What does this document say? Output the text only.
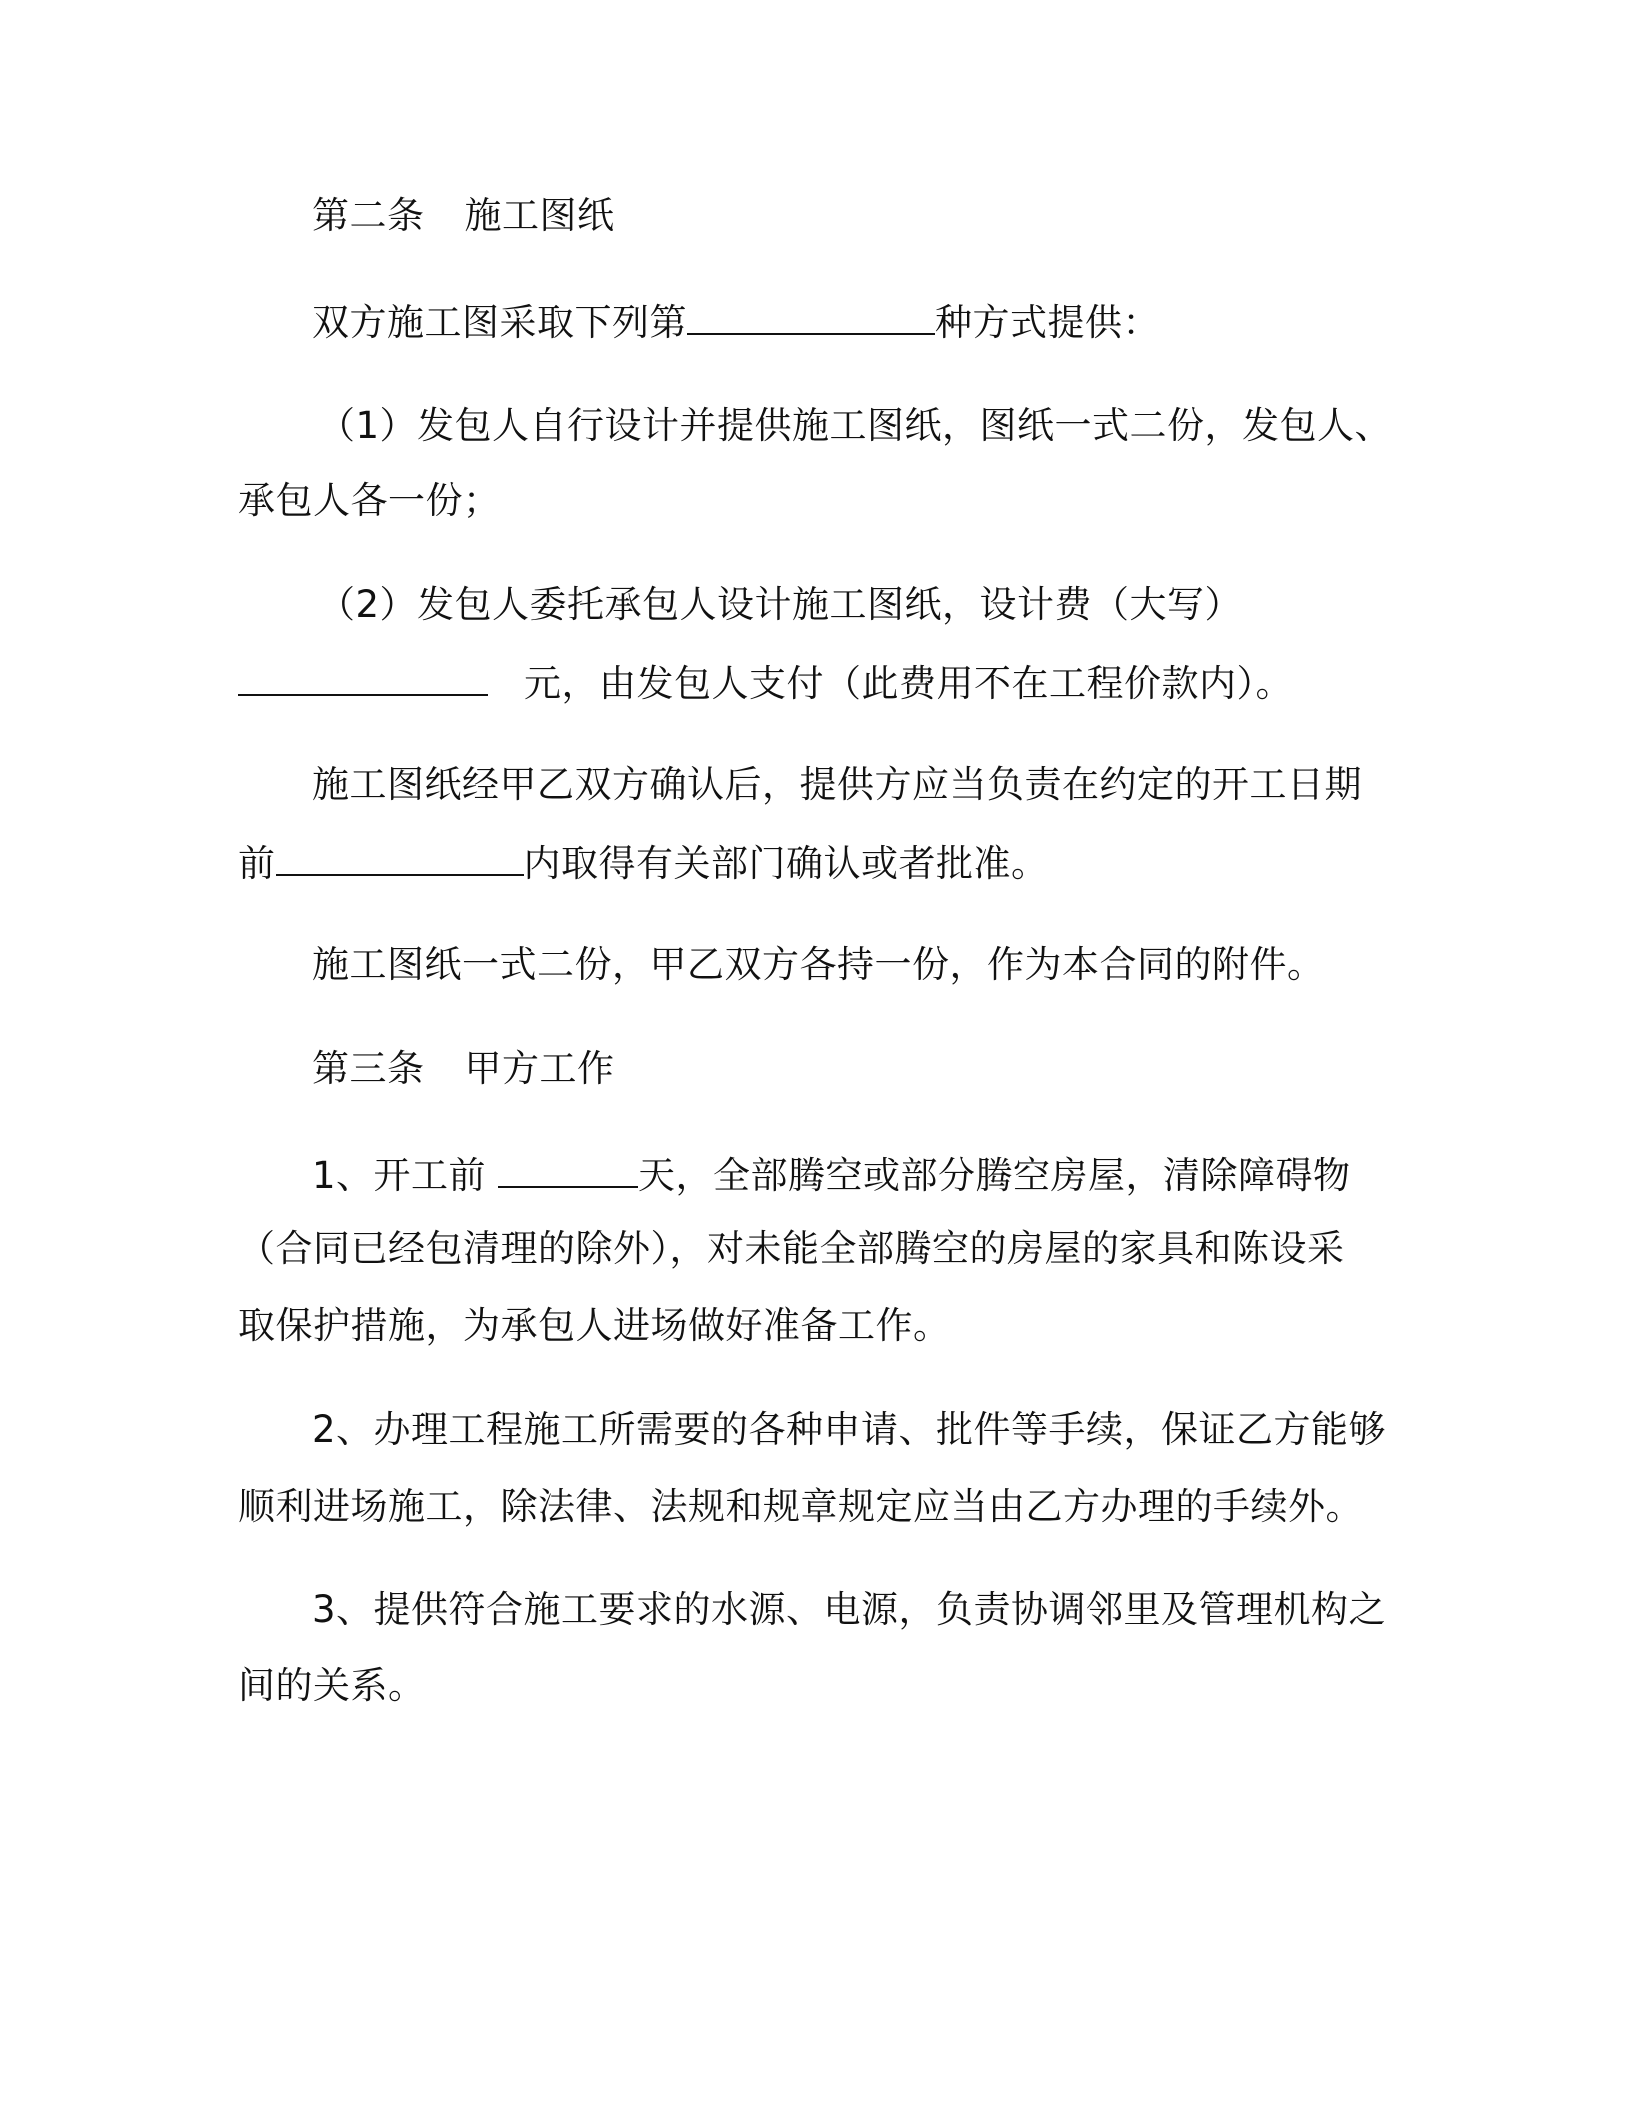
第二条 施工图纸
双方施工图采取下列第	种方式提供：
（1）发包人自行设计并提供施工图纸，图纸一式二份，发包人、
承包人各一份；
（2）发包人委托承包人设计施工图纸，设计费（大写）
元，由发包人支付（此费用不在工程价款内）。
施工图纸经甲乙双方确认后，提供方应当负责在约定的开工日期
前	内取得有关部门确认或者批准。
施工图纸一式二份，甲乙双方各持一份，作为本合同的附件。
第三条 甲方工作
1、开工前	天，全部腾空或部分腾空房屋，清除障碍物
（合同已经包清理的除外），对未能全部腾空的房屋的家具和陈设采
取保护措施，为承包人进场做好准备工作。
2、办理工程施工所需要的各种申请、批件等手续，保证乙方能够
顺利进场施工，除法律、法规和规章规定应当由乙方办理的手续外。
3、提供符合施工要求的水源、电源，负责协调邻里及管理机构之
间的关系。
